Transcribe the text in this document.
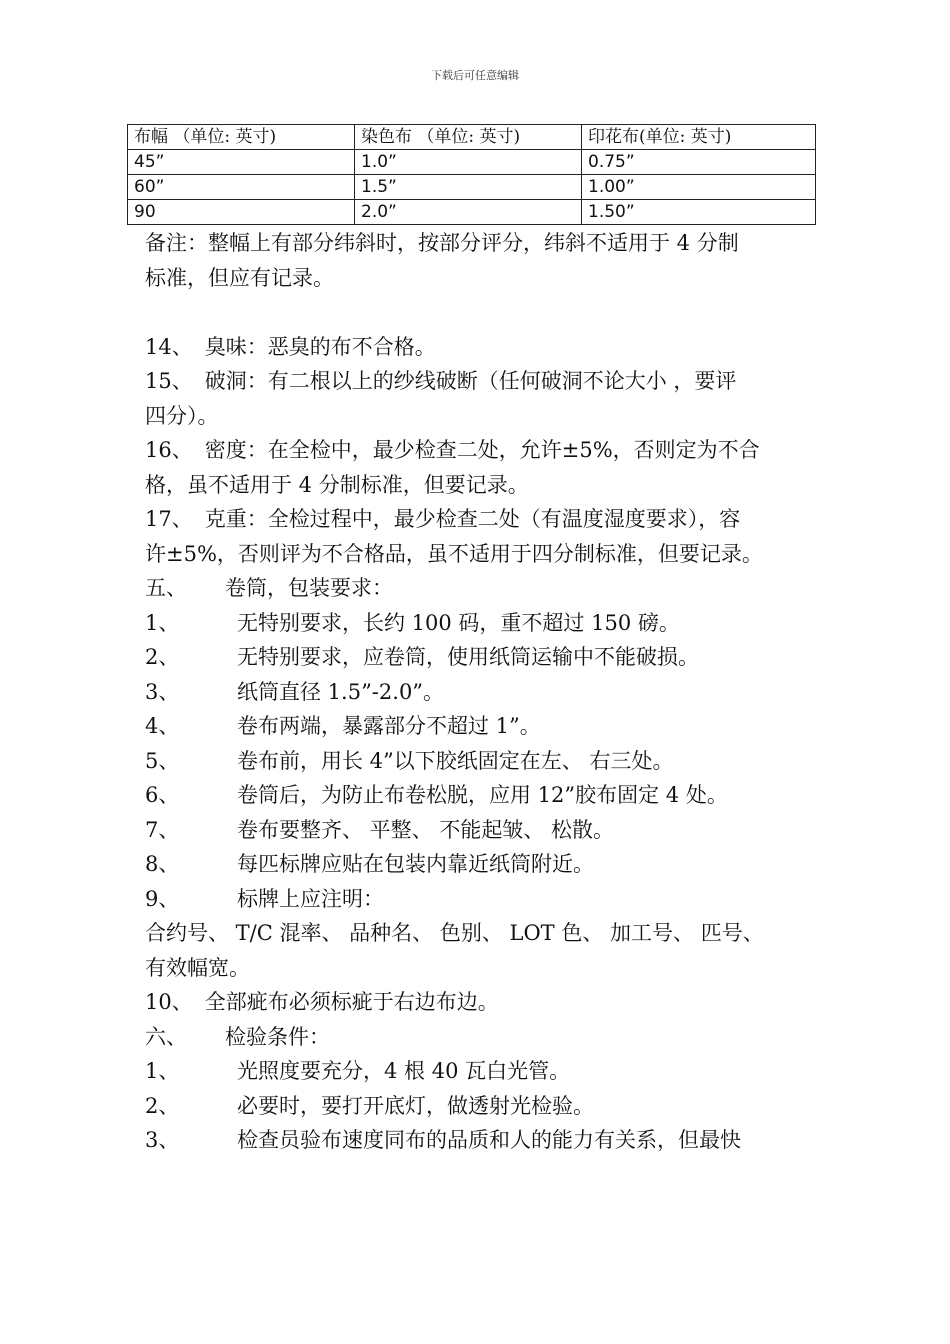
下载后可任意编辑
布幅 （单位: 英寸)	染色布 （单位: 英寸)	印花布(单位: 英寸)
45”	1.0”	0.75”
60”	1.5”	1.00”
90	2.0”	1.50”
备注：整幅上有部分纬斜时，按部分评分，纬斜不适用于 4 分制
标准，但应有记录。
14、 臭味：恶臭的布不合格。
15、 破洞：有二根以上的纱线破断（任何破洞不论大小 ，要评
四分）。
16、 密度：在全检中，最少检查二处，允许±5%，否则定为不合
格，虽不适用于 4 分制标准，但要记录。
17、 克重：全检过程中，最少检查二处（有温度湿度要求），容
许±5%，否则评为不合格品，虽不适用于四分制标准，但要记录。
五、 卷筒，包装要求：
1、	无特别要求，长约 100 码，重不超过 150 磅。
2、	无特别要求，应卷筒，使用纸筒运输中不能破损。
3、	纸筒直径 1.5”-2.0”。
4、	卷布两端，暴露部分不超过 1”。
5、	卷布前，用长 4”以下胶纸固定在左、 右三处。
6、	卷筒后，为防止布卷松脱，应用 12”胶布固定 4 处。
7、	卷布要整齐、 平整、 不能起皱、 松散。
8、	每匹标牌应贴在包装内靠近纸筒附近。
9、	标牌上应注明：
合约号、 T/C 混率、 品种名、 色别、 LOT 色、 加工号、 匹号、
有效幅宽。
10、 全部疵布必须标疵于右边布边。
六、 检验条件：
1、	光照度要充分，4 根 40 瓦白光管。
2、	必要时，要打开底灯，做透射光检验。
3、	检查员验布速度同布的品质和人的能力有关系，但最快
